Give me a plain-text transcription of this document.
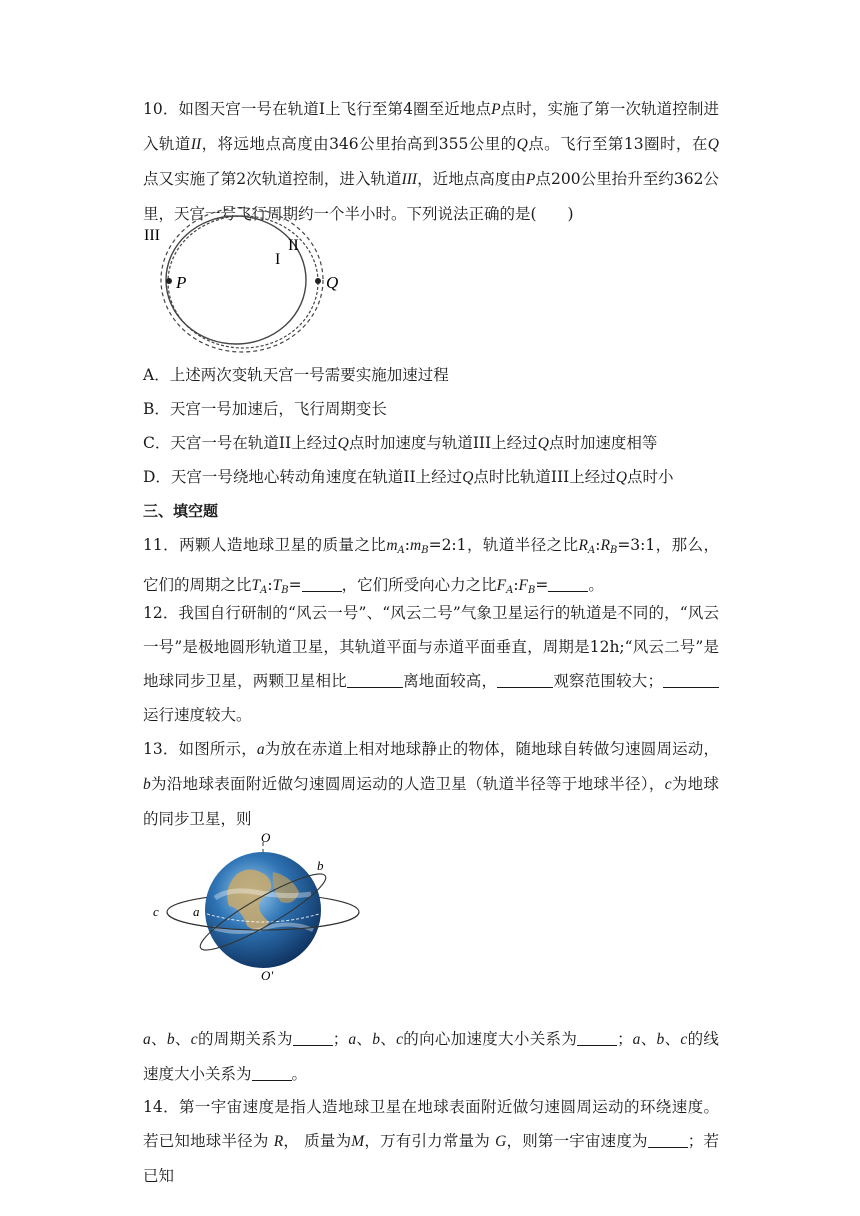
10．如图天宫一号在轨道I上飞行至第4圈至近地点P点时，实施了第一次轨道控制进入轨道II，将远地点高度由346公里抬高到355公里的Q点。飞行至第13圈时，在Q点又实施了第2次轨道控制，进入轨道III，近地点高度由P点200公里抬升至约362公里，天宫一号飞行周期约一个半小时。下列说法正确的是(　　)

III
II
I
P	Q
A．上述两次变轨天宫一号需要实施加速过程
B．天宫一号加速后，飞行周期变长
C．天宫一号在轨道II上经过Q点时加速度与轨道III上经过Q点时加速度相等
D．天宫一号绕地心转动角速度在轨道II上经过Q点时比轨道III上经过Q点时小
三、填空题

11．两颗人造地球卫星的质量之比$m_A:m_B=2:1$，轨道半径之比$R_A:R_B=3:1$，那么，它们的周期之比$T_A:T_B=$	，它们所受向心力之比$F_A:F_B=$	。

12．我国自行研制的“风云一号”、“风云二号”气象卫星运行的轨道是不同的，“风云一号”是极地圆形轨道卫星，其轨道平面与赤道平面垂直，周期是12h;“风云二号”是地球同步卫星，两颗卫星相比	离地面较高，	观察范围较大；运行速度较大。

13．如图所示，a为放在赤道上相对地球静止的物体，随地球自转做匀速圆周运动，b为沿地球表面附近做匀速圆周运动的人造卫星（轨道半径等于地球半径），c为地球的同步卫星，则

O
O'
b
c	a

a、b、c的周期关系为	；a、b、c的向心加速度大小关系为	；a、b、c的线速度大小关系为	。

14．第一宇宙速度是指人造地球卫星在地球表面附近做匀速圆周运动的环绕速度。若已知地球半径为 R， 质量为M，万有引力常量为 G，则第一宇宙速度为	；若已知
